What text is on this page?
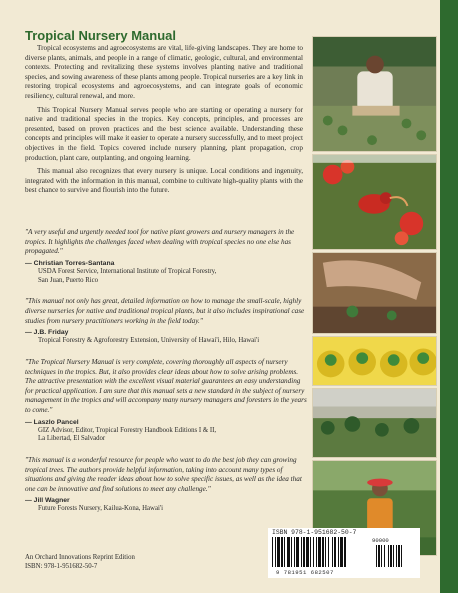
Tropical Nursery Manual

Tropical ecosystems and agroecosystems are vital, life-giving landscapes. They are home to diverse plants, animals, and people in a range of climatic, geologic, cultural, and environmental contexts. Protecting and revitalizing these systems involves planting native and traditional species, and sowing awareness of these plants among people. Tropical nurseries are a key link in restoring tropical ecosystems and agroecosystems, and can integrate goals of economic resiliency, cultural renewal, and more.

This Tropical Nursery Manual serves people who are starting or operating a nursery for native and traditional species in the tropics. Key concepts, principles, and processes are presented, based on proven practices and the best science available. Understanding these concepts and principles will make it easier to operate a nursery successfully, and to meet project objectives in the field. Topics covered include nursery planning, plant propagation, crop production, plant care, outplanting, and ongoing learning.

This manual also recognizes that every nursery is unique. Local conditions and ingenuity, integrated with the information in this manual, combine to cultivate high-quality plants with the best chance to survive and flourish into the future.

"A very useful and urgently needed tool for native plant growers and nursery managers in the tropics. It highlights the challenges faced when dealing with tropical species no one else has propagated."

— Christian Torres-Santana

USDA Forest Service, International Institute of Tropical Forestry,

San Juan, Puerto Rico

"This manual not only has great, detailed information on how to manage the small-scale, highly diverse nurseries for native and traditional tropical plants, but it also includes inspirational case studies from nursery practitioners working in the field today."

— J.B. Friday

Tropical Forestry & Agroforestry Extension, University of Hawai'i, Hilo, Hawai'i

"The Tropical Nursery Manual is very complete, covering thoroughly all aspects of nursery techniques in the tropics. But, it also provides clear ideas about how to solve arising problems. The attractive presentation with the excellent visual material guarantees an easy understanding for practical application. I am sure that this manual sets a new standard in the subject of nursery management in the tropics and will accompany many nursery managers and foresters in the years to come."

— Laszlo Pancel

GIZ Advisor, Editor, Tropical Forestry Handbook Editions I & II,

La Libertad, El Salvador

"This manual is a wonderful resource for people who want to do the best job they can growing tropical trees. The authors provide helpful information, taking into account many types of situations and giving the reader ideas about how to solve specific issues, as well as the idea that one can be innovative and find solutions to meet any challenge."

— Jill Wagner

Future Forests Nursery, Kailua-Kona, Hawai'i

An Orchard Innovations Reprint Edition
ISBN: 978-1-951682-50-7
ISBN 978-1-951682-50-7
9 781951 682507
90000
